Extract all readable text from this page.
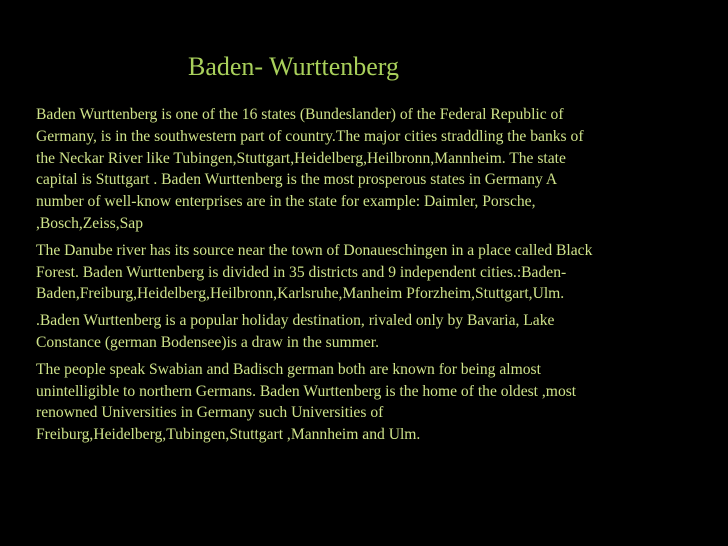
Baden- Wurttenberg

Baden Wurttenberg is one of the 16 states (Bundeslander) of the Federal Republic of
Germany, is in the southwestern part of country.The major cities straddling the banks of
the Neckar River like Tubingen,Stuttgart,Heidelberg,Heilbronn,Mannheim. The state
capital is Stuttgart . Baden Wurttenberg is the most prosperous states in Germany A
number of well-know enterprises are in the state for example: Daimler, Porsche,
,Bosch,Zeiss,Sap

The Danube river has its source near the town of Donaueschingen in a place called Black
Forest. Baden Wurttenberg is divided in 35 districts and 9 independent cities.:Baden-
Baden,Freiburg,Heidelberg,Heilbronn,Karlsruhe,Manheim Pforzheim,Stuttgart,Ulm.

.Baden Wurttenberg is a popular holiday destination, rivaled only by Bavaria, Lake
Constance (german Bodensee)is a draw in the summer.

The people speak Swabian and Badisch german both are known for being almost
unintelligible to northern Germans. Baden Wurttenberg is the home of the oldest ,most
renowned Universities in Germany such Universities of
Freiburg,Heidelberg,Tubingen,Stuttgart ,Mannheim and Ulm.
